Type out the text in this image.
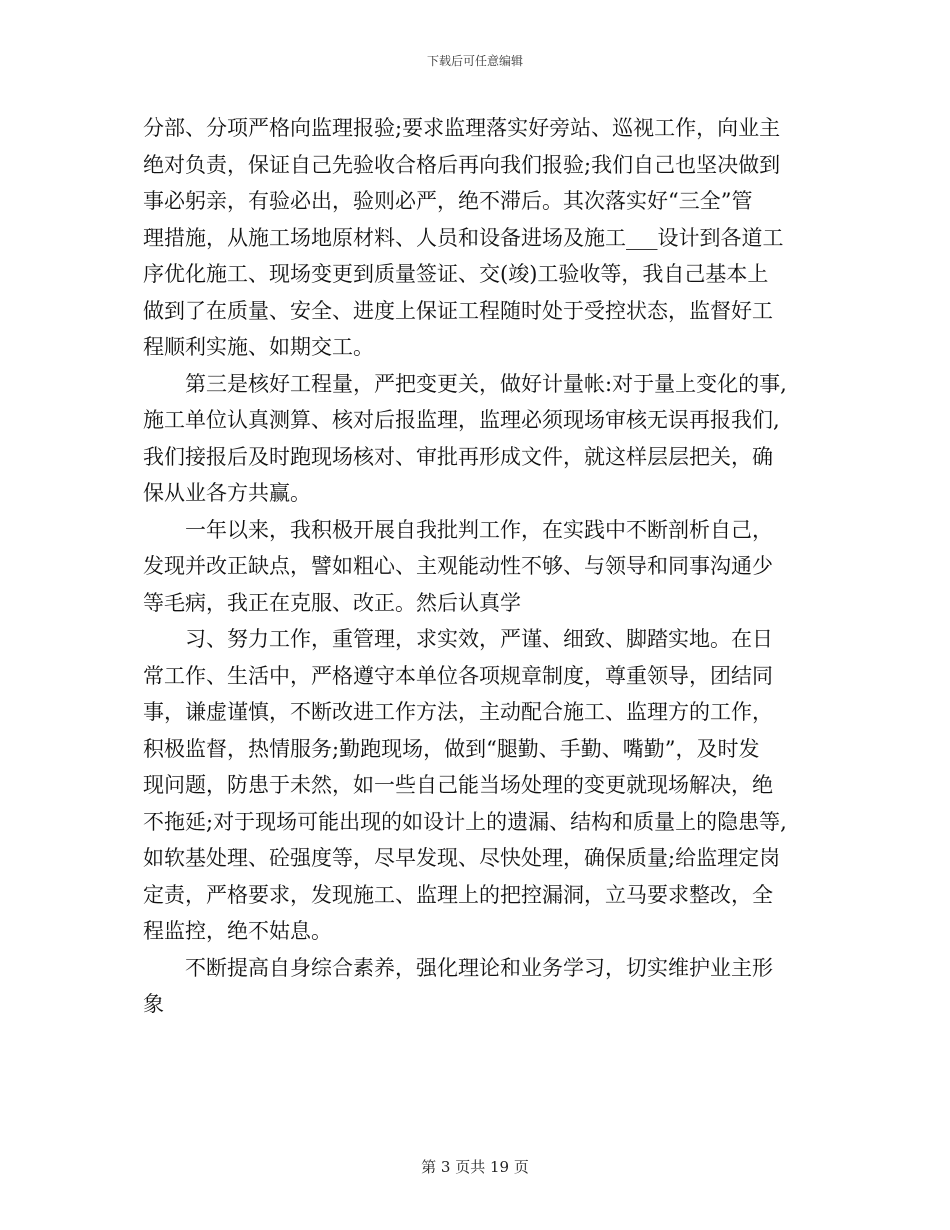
下载后可任意编辑
分部、分项严格向监理报验;要求监理落实好旁站、巡视工作，向业主
绝对负责，保证自己先验收合格后再向我们报验;我们自己也坚决做到
事必躬亲，有验必出，验则必严，绝不滞后。其次落实好“三全”管
理措施，从施工场地原材料、人员和设备进场及施工___设计到各道工
序优化施工、现场变更到质量签证、交(竣)工验收等，我自己基本上
做到了在质量、安全、进度上保证工程随时处于受控状态，监督好工
程顺利实施、如期交工。
第三是核好工程量，严把变更关，做好计量帐:对于量上变化的事,
施工单位认真测算、核对后报监理，监理必须现场审核无误再报我们,
我们接报后及时跑现场核对、审批再形成文件，就这样层层把关，确
保从业各方共赢。
一年以来，我积极开展自我批判工作，在实践中不断剖析自己，
发现并改正缺点，譬如粗心、主观能动性不够、与领导和同事沟通少
等毛病，我正在克服、改正。然后认真学
习、努力工作，重管理，求实效，严谨、细致、脚踏实地。在日
常工作、生活中，严格遵守本单位各项规章制度，尊重领导，团结同
事，谦虚谨慎，不断改进工作方法，主动配合施工、监理方的工作，
积极监督，热情服务;勤跑现场，做到“腿勤、手勤、嘴勤”，及时发
现问题，防患于未然，如一些自己能当场处理的变更就现场解决，绝
不拖延;对于现场可能出现的如设计上的遗漏、结构和质量上的隐患等,
如软基处理、砼强度等，尽早发现、尽快处理，确保质量;给监理定岗
定责，严格要求，发现施工、监理上的把控漏洞，立马要求整改，全
程监控，绝不姑息。
不断提高自身综合素养，强化理论和业务学习，切实维护业主形
象
第 3 页共 19 页
